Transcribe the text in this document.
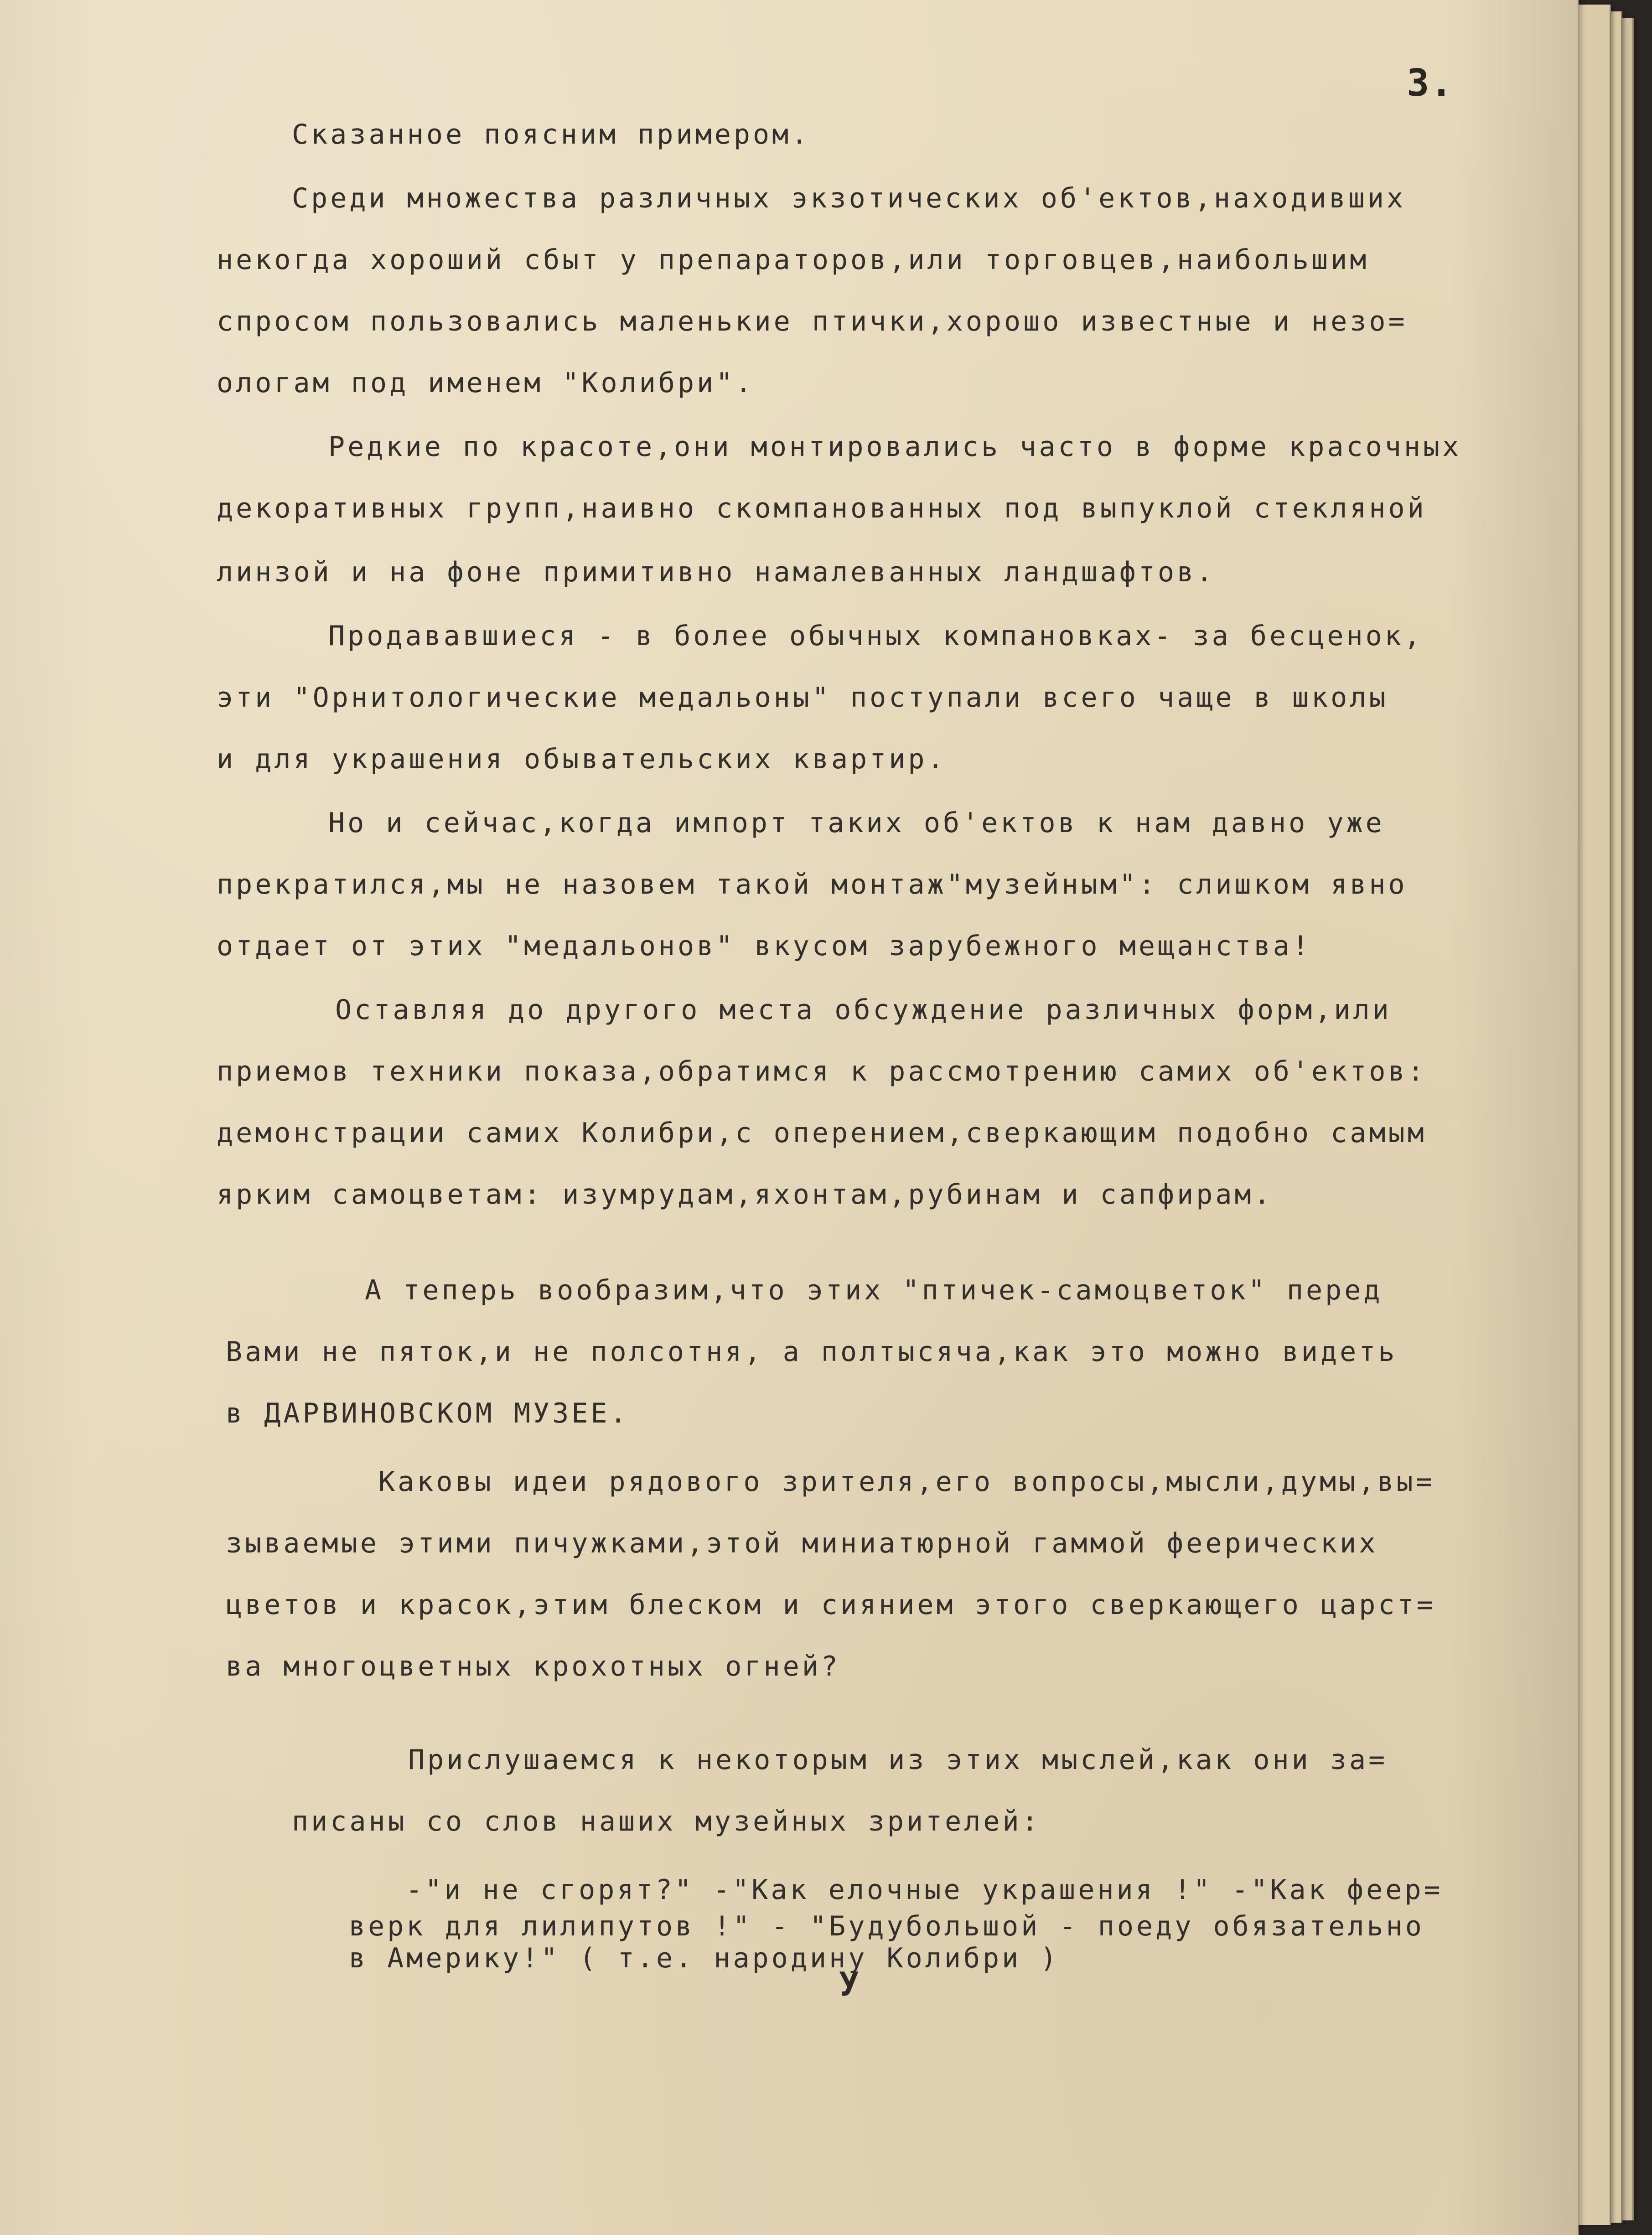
3.
Сказанное поясним примером.
Среди множества различных экзотических об'ектов,находивших
некогда хороший сбыт у препараторов,или торговцев,наибольшим
спросом пользовались маленькие птички,хорошо известные и незо=
ологам под именем "Колибри".
Редкие по красоте,они монтировались часто в форме красочных
декоративных групп,наивно скомпанованных под выпуклой стекляной
линзой и на фоне примитивно намалеванных ландшафтов.
Продававшиеся - в более обычных компановках- за бесценок,
эти "Орнитологические медальоны" поступали всего чаще в школы
и для украшения обывательских квартир.
Но и сейчас,когда импорт таких об'ектов к нам давно уже
прекратился,мы не назовем такой монтаж"музейным": слишком явно
отдает от этих "медальонов" вкусом зарубежного мещанства!
Оставляя до другого места обсуждение различных форм,или
приемов техники показа,обратимся к рассмотрению самих об'ектов:
демонстрации самих Колибри,с оперением,сверкающим подобно самым
ярким самоцветам: изумрудам,яхонтам,рубинам и сапфирам.
А теперь вообразим,что этих "птичек-самоцветок" перед
Вами не пяток,и не полсотня, а полтысяча,как это можно видеть
в ДАРВИНОВСКОМ МУЗЕЕ.
Каковы идеи рядового зрителя,его вопросы,мысли,думы,вы=
зываемые этими пичужками,этой миниатюрной гаммой феерических
цветов и красок,этим блеском и сиянием этого сверкающего царст=
ва многоцветных крохотных огней?
Прислушаемся к некоторым из этих мыслей,как они за=
писаны со слов наших музейных зрителей:
-"и не сгорят?" -"Как елочные украшения !" -"Как феер=
верк для лилипутов !" - "Будубольшой - поеду обязательно
в Америку!" ( т.е. народину Колибри )
У
